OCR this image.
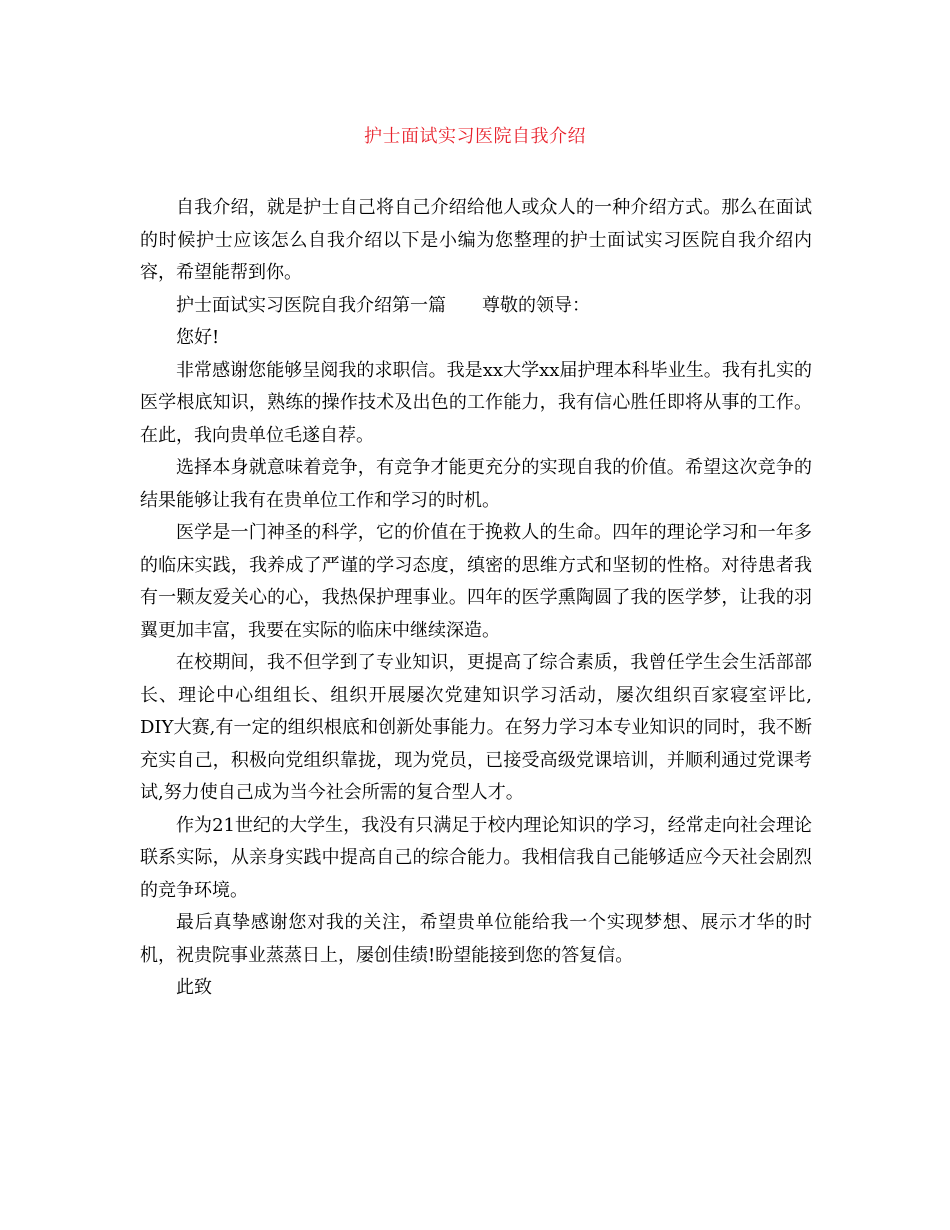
护士面试实习医院自我介绍

自我介绍，就是护士自己将自己介绍给他人或众人的一种介绍方式。那么在面试的时候护士应该怎么自我介绍以下是小编为您整理的护士面试实习医院自我介绍内容，希望能帮到你。

护士面试实习医院自我介绍第一篇 尊敬的领导：

您好!

非常感谢您能够呈阅我的求职信。我是xx大学xx届护理本科毕业生。我有扎实的医学根底知识，熟练的操作技术及出色的工作能力，我有信心胜任即将从事的工作。在此，我向贵单位毛遂自荐。

选择本身就意味着竞争，有竞争才能更充分的实现自我的价值。希望这次竞争的结果能够让我有在贵单位工作和学习的时机。

医学是一门神圣的科学，它的价值在于挽救人的生命。四年的理论学习和一年多的临床实践，我养成了严谨的学习态度，缜密的思维方式和坚韧的性格。对待患者我有一颗友爱关心的心，我热保护理事业。四年的医学熏陶圆了我的医学梦，让我的羽翼更加丰富，我要在实际的临床中继续深造。

在校期间，我不但学到了专业知识，更提高了综合素质，我曾任学生会生活部部长、理论中心组组长、组织开展屡次党建知识学习活动，屡次组织百家寝室评比, DIY大赛,有一定的组织根底和创新处事能力。在努力学习本专业知识的同时，我不断充实自己，积极向党组织靠拢，现为党员，已接受高级党课培训，并顺利通过党课考试,努力使自己成为当今社会所需的复合型人才。

作为21世纪的大学生，我没有只满足于校内理论知识的学习，经常走向社会理论联系实际，从亲身实践中提高自己的综合能力。我相信我自己能够适应今天社会剧烈的竞争环境。

最后真挚感谢您对我的关注，希望贵单位能给我一个实现梦想、展示才华的时机，祝贵院事业蒸蒸日上，屡创佳绩!盼望能接到您的答复信。

此致
